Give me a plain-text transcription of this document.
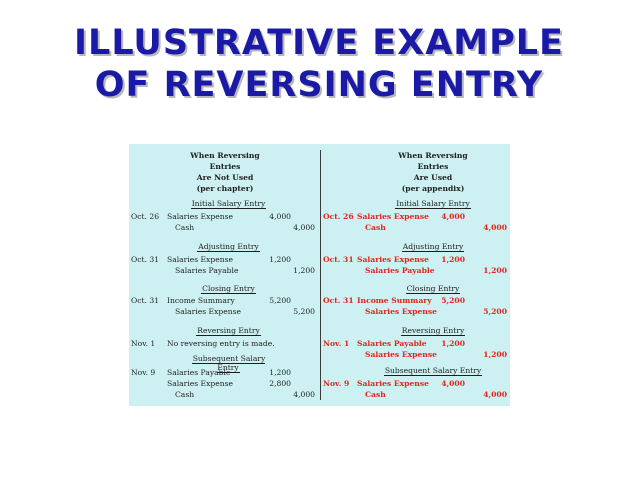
ILLUSTRATIVE EXAMPLE
OF REVERSING ENTRY
When Reversing Entries
Are Not Used
(per chapter)
Initial Salary Entry
Oct. 26 Salaries Expense	4,000
Cash	4,000
Adjusting Entry
Oct. 31 Salaries Expense	1,200
Salaries Payable	1,200
Closing Entry
Oct. 31 Income Summary	5,200
Salaries Expense	5,200
Reversing Entry
Nov. 1 No reversing entry is made.
Subsequent Salary Entry
Nov. 9 Salaries Payable	1,200
Salaries Expense	2,800
Cash	4,000
When Reversing Entries
Are Used
(per appendix)
Initial Salary Entry
Oct. 26 Salaries Expense	4,000
Cash	4,000
Adjusting Entry
Oct. 31 Salaries Expense	1,200
Salaries Payable	1,200
Closing Entry
Oct. 31 Income Summary	5,200
Salaries Expense	5,200
Reversing Entry
Nov. 1 Salaries Payable	1,200
Salaries Expense	1,200
Subsequent Salary Entry
Nov. 9 Salaries Expense	4,000
Cash	4,000
